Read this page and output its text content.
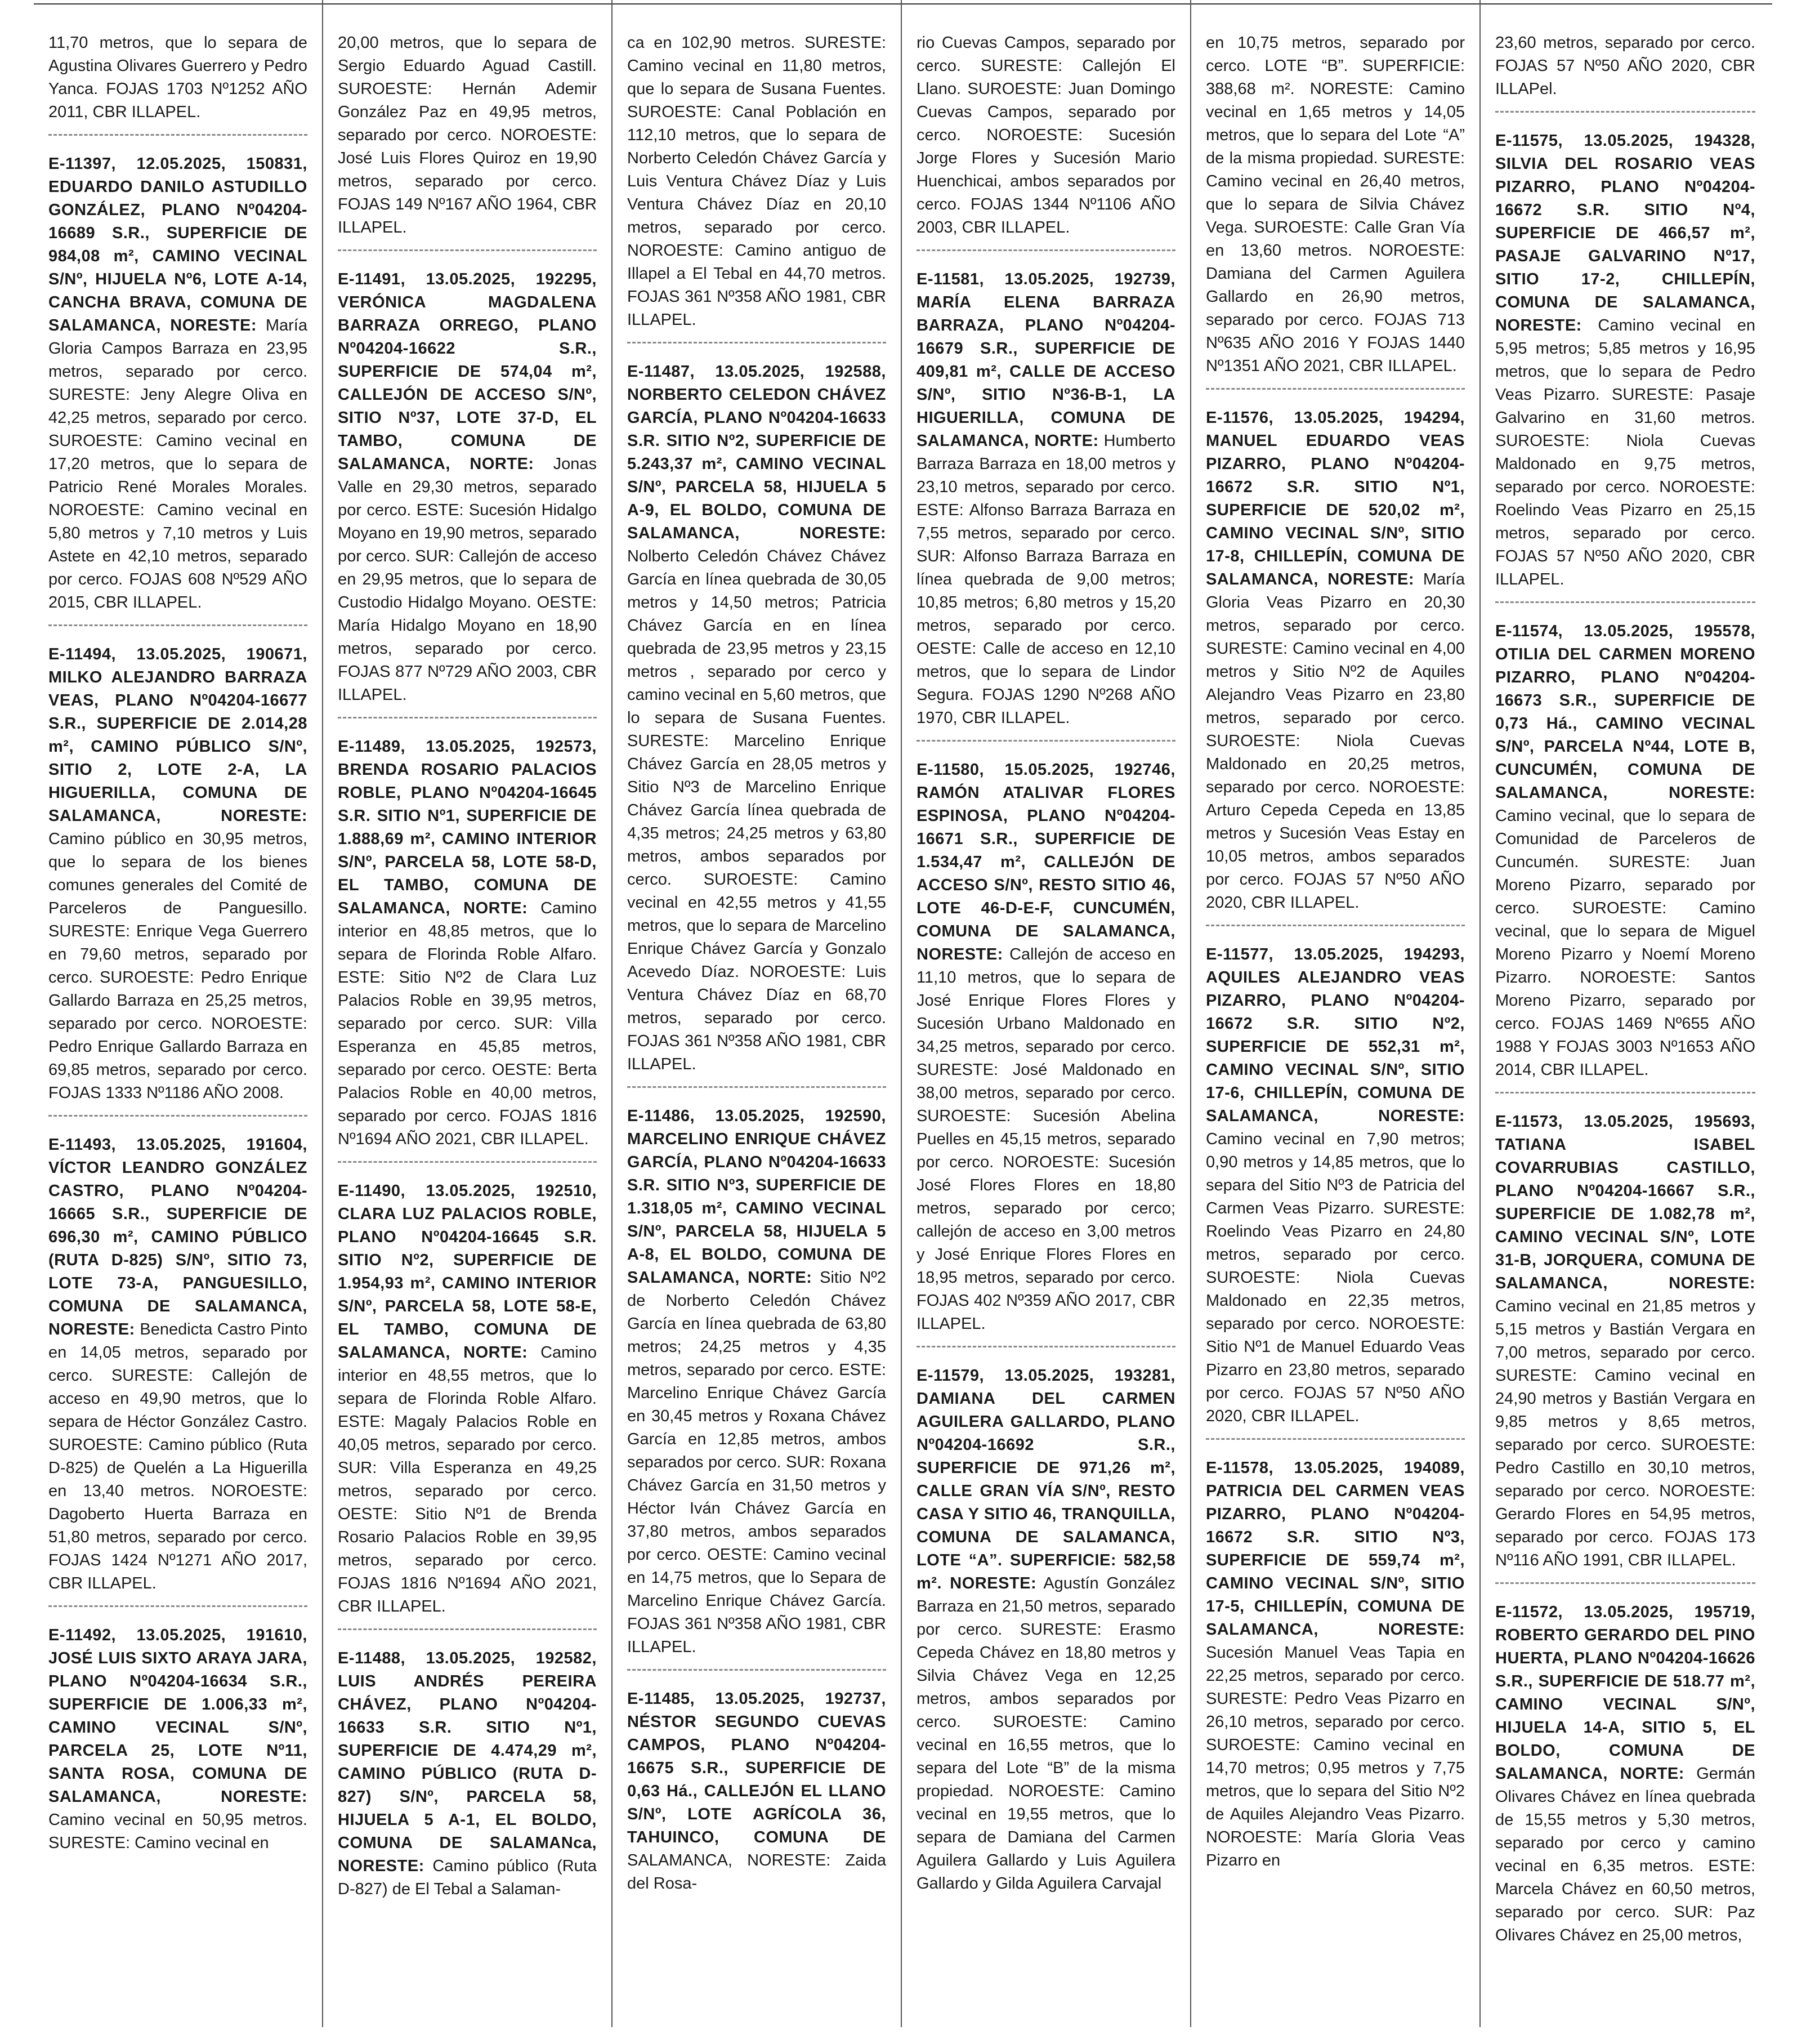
11,70 metros, que lo separa de Agustina Olivares Guerrero y Pedro Yanca. FOJAS 1703 Nº1252 AÑO 2011, CBR ILLAPEL.

E-11397, 12.05.2025, 150831, EDUARDO DANILO ASTUDILLO GONZÁLEZ, PLANO Nº04204-16689 S.R., SUPERFICIE DE 984,08 m², CAMINO VECINAL S/Nº, HIJUELA Nº6, LOTE A-14, CANCHA BRAVA, COMUNA DE SALAMANCA, NORESTE: María Gloria Campos Barraza en 23,95 metros, separado por cerco. SURESTE: Jeny Alegre Oliva en 42,25 metros, separado por cerco. SUROESTE: Camino vecinal en 17,20 metros, que lo separa de Patricio René Morales Morales. NOROESTE: Camino vecinal en 5,80 metros y 7,10 metros y Luis Astete en 42,10 metros, separado por cerco. FOJAS 608 Nº529 AÑO 2015, CBR ILLAPEL.

E-11494, 13.05.2025, 190671, MILKO ALEJANDRO BARRAZA VEAS, PLANO Nº04204-16677 S.R., SUPERFICIE DE 2.014,28 m², CAMINO PÚBLICO S/Nº, SITIO 2, LOTE 2-A, LA HIGUERILLA, COMUNA DE SALAMANCA, NORESTE: Camino público en 30,95 metros, que lo separa de los bienes comunes generales del Comité de Parceleros de Panguesillo. SURESTE: Enrique Vega Guerrero en 79,60 metros, separado por cerco. SUROESTE: Pedro Enrique Gallardo Barraza en 25,25 metros, separado por cerco. NOROESTE: Pedro Enrique Gallardo Barraza en 69,85 metros, separado por cerco. FOJAS 1333 Nº1186 AÑO 2008.

E-11493, 13.05.2025, 191604, VÍCTOR LEANDRO GONZÁLEZ CASTRO, PLANO Nº04204-16665 S.R., SUPERFICIE DE 696,30 m², CAMINO PÚBLICO (RUTA D-825) S/Nº, SITIO 73, LOTE 73-A, PANGUESILLO, COMUNA DE SALAMANCA, NORESTE: Benedicta Castro Pinto en 14,05 metros, separado por cerco. SURESTE: Callejón de acceso en 49,90 metros, que lo separa de Héctor González Castro. SUROESTE: Camino público (Ruta D-825) de Quelén a La Higuerilla en 13,40 metros. NOROESTE: Dagoberto Huerta Barraza en 51,80 metros, separado por cerco. FOJAS 1424 Nº1271 AÑO 2017, CBR ILLAPEL.

E-11492, 13.05.2025, 191610, JOSÉ LUIS SIXTO ARAYA JARA, PLANO Nº04204-16634 S.R., SUPERFICIE DE 1.006,33 m², CAMINO VECINAL S/Nº, PARCELA 25, LOTE Nº11, SANTA ROSA, COMUNA DE SALAMANCA, NORESTE: Camino vecinal en 50,95 metros. SURESTE: Camino vecinal en

20,00 metros, que lo separa de Sergio Eduardo Aguad Castill. SUROESTE: Hernán Ademir González Paz en 49,95 metros, separado por cerco. NOROESTE: José Luis Flores Quiroz en 19,90 metros, separado por cerco. FOJAS 149 Nº167 AÑO 1964, CBR ILLAPEL.

E-11491, 13.05.2025, 192295, VERÓNICA MAGDALENA BARRAZA ORREGO, PLANO Nº04204-16622 S.R., SUPERFICIE DE 574,04 m², CALLEJÓN DE ACCESO S/Nº, SITIO Nº37, LOTE 37-D, EL TAMBO, COMUNA DE SALAMANCA, NORTE: Jonas Valle en 29,30 metros, separado por cerco. ESTE: Sucesión Hidalgo Moyano en 19,90 metros, separado por cerco. SUR: Callejón de acceso en 29,95 metros, que lo separa de Custodio Hidalgo Moyano. OESTE: María Hidalgo Moyano en 18,90 metros, separado por cerco. FOJAS 877 Nº729 AÑO 2003, CBR ILLAPEL.

E-11489, 13.05.2025, 192573, BRENDA ROSARIO PALACIOS ROBLE, PLANO Nº04204-16645 S.R. SITIO Nº1, SUPERFICIE DE 1.888,69 m², CAMINO INTERIOR S/Nº, PARCELA 58, LOTE 58-D, EL TAMBO, COMUNA DE SALAMANCA, NORTE: Camino interior en 48,85 metros, que lo separa de Florinda Roble Alfaro. ESTE: Sitio Nº2 de Clara Luz Palacios Roble en 39,95 metros, separado por cerco. SUR: Villa Esperanza en 45,85 metros, separado por cerco. OESTE: Berta Palacios Roble en 40,00 metros, separado por cerco. FOJAS 1816 Nº1694 AÑO 2021, CBR ILLAPEL.

E-11490, 13.05.2025, 192510, CLARA LUZ PALACIOS ROBLE, PLANO Nº04204-16645 S.R. SITIO Nº2, SUPERFICIE DE 1.954,93 m², CAMINO INTERIOR S/Nº, PARCELA 58, LOTE 58-E, EL TAMBO, COMUNA DE SALAMANCA, NORTE: Camino interior en 48,55 metros, que lo separa de Florinda Roble Alfaro. ESTE: Magaly Palacios Roble en 40,05 metros, separado por cerco. SUR: Villa Esperanza en 49,25 metros, separado por cerco. OESTE: Sitio Nº1 de Brenda Rosario Palacios Roble en 39,95 metros, separado por cerco. FOJAS 1816 Nº1694 AÑO 2021, CBR ILLAPEL.

E-11488, 13.05.2025, 192582, LUIS ANDRÉS PEREIRA CHÁVEZ, PLANO Nº04204-16633 S.R. SITIO Nº1, SUPERFICIE DE 4.474,29 m², CAMINO PÚBLICO (RUTA D-827) S/Nº, PARCELA 58, HIJUELA 5 A-1, EL BOLDO, COMUNA DE SALAMANca, NORESTE: Camino público (Ruta D-827) de El Tebal a Salaman-

ca en 102,90 metros. SURESTE: Camino vecinal en 11,80 metros, que lo separa de Susana Fuentes. SUROESTE: Canal Población en 112,10 metros, que lo separa de Norberto Celedón Chávez García y Luis Ventura Chávez Díaz y Luis Ventura Chávez Díaz en 20,10 metros, separado por cerco. NOROESTE: Camino antiguo de Illapel a El Tebal en 44,70 metros. FOJAS 361 Nº358 AÑO 1981, CBR ILLAPEL.

E-11487, 13.05.2025, 192588, NORBERTO CELEDON CHÁVEZ GARCÍA, PLANO Nº04204-16633 S.R. SITIO Nº2, SUPERFICIE DE 5.243,37 m², CAMINO VECINAL S/Nº, PARCELA 58, HIJUELA 5 A-9, EL BOLDO, COMUNA DE SALAMANCA, NORESTE: Nolberto Celedón Chávez Chávez García en línea quebrada de 30,05 metros y 14,50 metros; Patricia Chávez García en en línea quebrada de 23,95 metros y 23,15 metros , separado por cerco y camino vecinal en 5,60 metros, que lo separa de Susana Fuentes. SURESTE: Marcelino Enrique Chávez García en 28,05 metros y Sitio Nº3 de Marcelino Enrique Chávez García línea quebrada de 4,35 metros; 24,25 metros y 63,80 metros, ambos separados por cerco. SUROESTE: Camino vecinal en 42,55 metros y 41,55 metros, que lo separa de Marcelino Enrique Chávez García y Gonzalo Acevedo Díaz. NOROESTE: Luis Ventura Chávez Díaz en 68,70 metros, separado por cerco. FOJAS 361 Nº358 AÑO 1981, CBR ILLAPEL.

E-11486, 13.05.2025, 192590, MARCELINO ENRIQUE CHÁVEZ GARCÍA, PLANO Nº04204-16633 S.R. SITIO Nº3, SUPERFICIE DE 1.318,05 m², CAMINO VECINAL S/Nº, PARCELA 58, HIJUELA 5 A-8, EL BOLDO, COMUNA DE SALAMANCA, NORTE: Sitio Nº2 de Norberto Celedón Chávez García en línea quebrada de 63,80 metros; 24,25 metros y 4,35 metros, separado por cerco. ESTE: Marcelino Enrique Chávez García en 30,45 metros y Roxana Chávez García en 12,85 metros, ambos separados por cerco. SUR: Roxana Chávez García en 31,50 metros y Héctor Iván Chávez García en 37,80 metros, ambos separados por cerco. OESTE: Camino vecinal en 14,75 metros, que lo Separa de Marcelino Enrique Chávez García. FOJAS 361 Nº358 AÑO 1981, CBR ILLAPEL.

E-11485, 13.05.2025, 192737, NÉSTOR SEGUNDO CUEVAS CAMPOS, PLANO Nº04204-16675 S.R., SUPERFICIE DE 0,63 Há., CALLEJÓN EL LLANO S/Nº, LOTE AGRÍCOLA 36, TAHUINCO, COMUNA DE SALAMANCA, NORESTE: Zaida del Rosa-

rio Cuevas Campos, separado por cerco. SURESTE: Callejón El Llano. SUROESTE: Juan Domingo Cuevas Campos, separado por cerco. NOROESTE: Sucesión Jorge Flores y Sucesión Mario Huenchicai, ambos separados por cerco. FOJAS 1344 Nº1106 AÑO 2003, CBR ILLAPEL.

E-11581, 13.05.2025, 192739, MARÍA ELENA BARRAZA BARRAZA, PLANO Nº04204-16679 S.R., SUPERFICIE DE 409,81 m², CALLE DE ACCESO S/Nº, SITIO Nº36-B-1, LA HIGUERILLA, COMUNA DE SALAMANCA, NORTE: Humberto Barraza Barraza en 18,00 metros y 23,10 metros, separado por cerco. ESTE: Alfonso Barraza Barraza en 7,55 metros, separado por cerco. SUR: Alfonso Barraza Barraza en línea quebrada de 9,00 metros; 10,85 metros; 6,80 metros y 15,20 metros, separado por cerco. OESTE: Calle de acceso en 12,10 metros, que lo separa de Lindor Segura. FOJAS 1290 Nº268 AÑO 1970, CBR ILLAPEL.

E-11580, 15.05.2025, 192746, RAMÓN ATALIVAR FLORES ESPINOSA, PLANO Nº04204-16671 S.R., SUPERFICIE DE 1.534,47 m², CALLEJÓN DE ACCESO S/Nº, RESTO SITIO 46, LOTE 46-D-E-F, CUNCUMÉN, COMUNA DE SALAMANCA, NORESTE: Callejón de acceso en 11,10 metros, que lo separa de José Enrique Flores Flores y Sucesión Urbano Maldonado en 34,25 metros, separado por cerco. SURESTE: José Maldonado en 38,00 metros, separado por cerco. SUROESTE: Sucesión Abelina Puelles en 45,15 metros, separado por cerco. NOROESTE: Sucesión José Flores Flores en 18,80 metros, separado por cerco; callejón de acceso en 3,00 metros y José Enrique Flores Flores en 18,95 metros, separado por cerco. FOJAS 402 Nº359 AÑO 2017, CBR ILLAPEL.

E-11579, 13.05.2025, 193281, DAMIANA DEL CARMEN AGUILERA GALLARDO, PLANO Nº04204-16692 S.R., SUPERFICIE DE 971,26 m², CALLE GRAN VÍA S/Nº, RESTO CASA Y SITIO 46, TRANQUILLA, COMUNA DE SALAMANCA, LOTE “A”. SUPERFICIE: 582,58 m². NORESTE: Agustín González Barraza en 21,50 metros, separado por cerco. SURESTE: Erasmo Cepeda Chávez en 18,80 metros y Silvia Chávez Vega en 12,25 metros, ambos separados por cerco. SUROESTE: Camino vecinal en 16,55 metros, que lo separa del Lote “B” de la misma propiedad. NOROESTE: Camino vecinal en 19,55 metros, que lo separa de Damiana del Carmen Aguilera Gallardo y Luis Aguilera Gallardo y Gilda Aguilera Carvajal

en 10,75 metros, separado por cerco. LOTE “B”. SUPERFICIE: 388,68 m². NORESTE: Camino vecinal en 1,65 metros y 14,05 metros, que lo separa del Lote “A” de la misma propiedad. SURESTE: Camino vecinal en 26,40 metros, que lo separa de Silvia Chávez Vega. SUROESTE: Calle Gran Vía en 13,60 metros. NOROESTE: Damiana del Carmen Aguilera Gallardo en 26,90 metros, separado por cerco. FOJAS 713 Nº635 AÑO 2016 Y FOJAS 1440 Nº1351 AÑO 2021, CBR ILLAPEL.

E-11576, 13.05.2025, 194294, MANUEL EDUARDO VEAS PIZARRO, PLANO Nº04204-16672 S.R. SITIO Nº1, SUPERFICIE DE 520,02 m², CAMINO VECINAL S/Nº, SITIO 17-8, CHILLEPÍN, COMUNA DE SALAMANCA, NORESTE: María Gloria Veas Pizarro en 20,30 metros, separado por cerco. SURESTE: Camino vecinal en 4,00 metros y Sitio Nº2 de Aquiles Alejandro Veas Pizarro en 23,80 metros, separado por cerco. SUROESTE: Niola Cuevas Maldonado en 20,25 metros, separado por cerco. NOROESTE: Arturo Cepeda Cepeda en 13,85 metros y Sucesión Veas Estay en 10,05 metros, ambos separados por cerco. FOJAS 57 Nº50 AÑO 2020, CBR ILLAPEL.

E-11577, 13.05.2025, 194293, AQUILES ALEJANDRO VEAS PIZARRO, PLANO Nº04204-16672 S.R. SITIO Nº2, SUPERFICIE DE 552,31 m², CAMINO VECINAL S/Nº, SITIO 17-6, CHILLEPÍN, COMUNA DE SALAMANCA, NORESTE: Camino vecinal en 7,90 metros; 0,90 metros y 14,85 metros, que lo separa del Sitio Nº3 de Patricia del Carmen Veas Pizarro. SURESTE: Roelindo Veas Pizarro en 24,80 metros, separado por cerco. SUROESTE: Niola Cuevas Maldonado en 22,35 metros, separado por cerco. NOROESTE: Sitio Nº1 de Manuel Eduardo Veas Pizarro en 23,80 metros, separado por cerco. FOJAS 57 Nº50 AÑO 2020, CBR ILLAPEL.

E-11578, 13.05.2025, 194089, PATRICIA DEL CARMEN VEAS PIZARRO, PLANO Nº04204-16672 S.R. SITIO Nº3, SUPERFICIE DE 559,74 m², CAMINO VECINAL S/Nº, SITIO 17-5, CHILLEPÍN, COMUNA DE SALAMANCA, NORESTE: Sucesión Manuel Veas Tapia en 22,25 metros, separado por cerco. SURESTE: Pedro Veas Pizarro en 26,10 metros, separado por cerco. SUROESTE: Camino vecinal en 14,70 metros; 0,95 metros y 7,75 metros, que lo separa del Sitio Nº2 de Aquiles Alejandro Veas Pizarro. NOROESTE: María Gloria Veas Pizarro en

23,60 metros, separado por cerco. FOJAS 57 Nº50 AÑO 2020, CBR ILLAPel.

E-11575, 13.05.2025, 194328, SILVIA DEL ROSARIO VEAS PIZARRO, PLANO Nº04204-16672 S.R. SITIO Nº4, SUPERFICIE DE 466,57 m², PASAJE GALVARINO Nº17, SITIO 17-2, CHILLEPÍN, COMUNA DE SALAMANCA, NORESTE: Camino vecinal en 5,95 metros; 5,85 metros y 16,95 metros, que lo separa de Pedro Veas Pizarro. SURESTE: Pasaje Galvarino en 31,60 metros. SUROESTE: Niola Cuevas Maldonado en 9,75 metros, separado por cerco. NOROESTE: Roelindo Veas Pizarro en 25,15 metros, separado por cerco. FOJAS 57 Nº50 AÑO 2020, CBR ILLAPEL.

E-11574, 13.05.2025, 195578, OTILIA DEL CARMEN MORENO PIZARRO, PLANO Nº04204-16673 S.R., SUPERFICIE DE 0,73 Há., CAMINO VECINAL S/Nº, PARCELA Nº44, LOTE B, CUNCUMÉN, COMUNA DE SALAMANCA, NORESTE: Camino vecinal, que lo separa de Comunidad de Parceleros de Cuncumén. SURESTE: Juan Moreno Pizarro, separado por cerco. SUROESTE: Camino vecinal, que lo separa de Miguel Moreno Pizarro y Noemí Moreno Pizarro. NOROESTE: Santos Moreno Pizarro, separado por cerco. FOJAS 1469 Nº655 AÑO 1988 Y FOJAS 3003 Nº1653 AÑO 2014, CBR ILLAPEL.

E-11573, 13.05.2025, 195693, TATIANA ISABEL COVARRUBIAS CASTILLO, PLANO Nº04204-16667 S.R., SUPERFICIE DE 1.082,78 m², CAMINO VECINAL S/Nº, LOTE 31-B, JORQUERA, COMUNA DE SALAMANCA, NORESTE: Camino vecinal en 21,85 metros y 5,15 metros y Bastián Vergara en 7,00 metros, separado por cerco. SURESTE: Camino vecinal en 24,90 metros y Bastián Vergara en 9,85 metros y 8,65 metros, separado por cerco. SUROESTE: Pedro Castillo en 30,10 metros, separado por cerco. NOROESTE: Gerardo Flores en 54,95 metros, separado por cerco. FOJAS 173 Nº116 AÑO 1991, CBR ILLAPEL.

E-11572, 13.05.2025, 195719, ROBERTO GERARDO DEL PINO HUERTA, PLANO Nº04204-16626 S.R., SUPERFICIE DE 518.77 m², CAMINO VECINAL S/Nº, HIJUELA 14-A, SITIO 5, EL BOLDO, COMUNA DE SALAMANCA, NORTE: Germán Olivares Chávez en línea quebrada de 15,55 metros y 5,30 metros, separado por cerco y camino vecinal en 6,35 metros. ESTE: Marcela Chávez en 60,50 metros, separado por cerco. SUR: Paz Olivares Chávez en 25,00 metros,
